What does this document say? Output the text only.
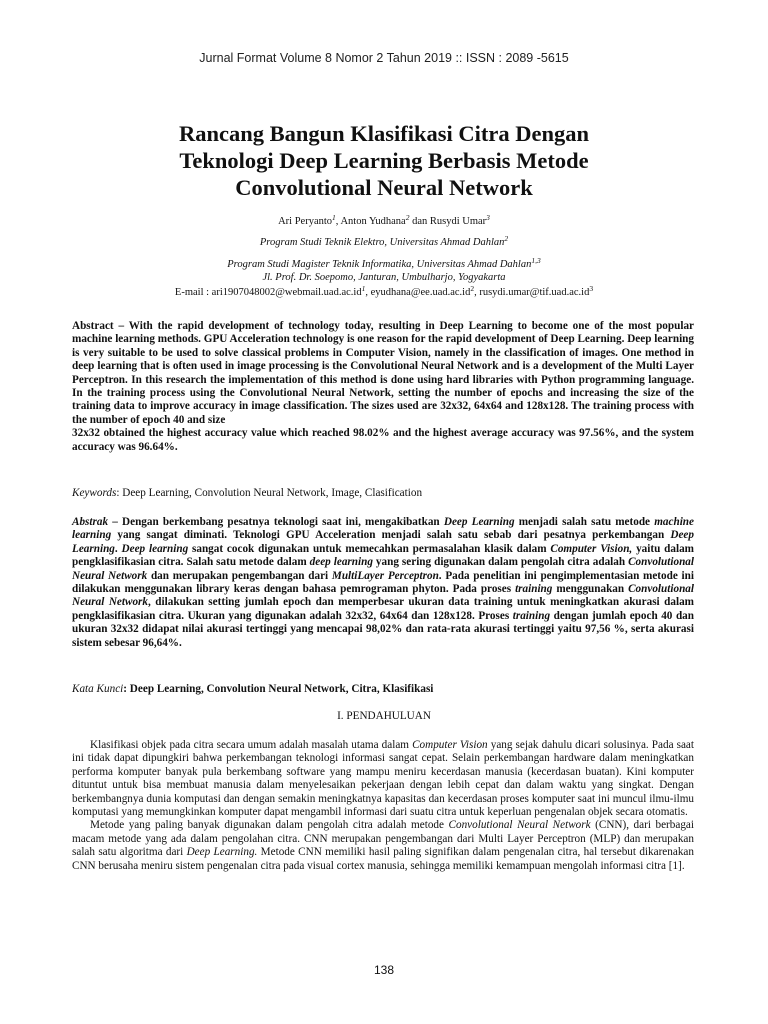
Jurnal Format Volume 8 Nomor 2 Tahun 2019 :: ISSN : 2089 -5615
Rancang Bangun Klasifikasi Citra Dengan
Teknologi Deep Learning Berbasis Metode
Convolutional Neural Network
Ari Peryanto$^1$, Anton Yudhana$^2$ dan Rusydi Umar$^3$
Program Studi Teknik Elektro, Universitas Ahmad Dahlan$^2$
Program Studi Magister Teknik Informatika, Universitas Ahmad Dahlan$^{1,3}$
Jl. Prof. Dr. Soepomo, Janturan, Umbulharjo, Yogyakarta
E-mail : $ari1907048002@webmail.uad.ac.id^1$, $eyudhana@ee.uad.ac.id^2$, $rusydi.umar@tif.uad.ac.id^3$
Abstract – With the rapid development of technology today, resulting in Deep Learning to become one of the most popular machine learning methods. GPU Acceleration technology is one reason for the rapid development of Deep Learning. Deep learning is very suitable to be used to solve classical problems in Computer Vision, namely in the classification of images. One method in deep learning that is often used in image processing is the Convolutional Neural Network and is a development of the Multi Layer Perceptron. In this research the implementation of this method is done using hard libraries with Python programming language. In the training process using the Convolutional Neural Network, setting the number of epochs and increasing the size of the training data to improve accuracy in image classification. The sizes used are 32x32, 64x64 and 128x128. The training process with the number of epoch 40 and size
32x32 obtained the highest accuracy value which reached 98.02% and the highest average accuracy was 97.56%, and the system accuracy was 96.64%.
Keywords: Deep Learning, Convolution Neural Network, Image, Clasification
Abstrak – Dengan berkembang pesatnya teknologi saat ini, mengakibatkan Deep Learning menjadi salah satu metode machine learning yang sangat diminati. Teknologi GPU Acceleration menjadi salah satu sebab dari pesatnya perkembangan Deep Learning. Deep learning sangat cocok digunakan untuk memecahkan permasalahan klasik dalam Computer Vision, yaitu dalam pengklasifikasian citra. Salah satu metode dalam deep learning yang sering digunakan dalam pengolah citra adalah Convolutional Neural Network dan merupakan pengembangan dari MultiLayer Perceptron. Pada penelitian ini pengimplementasian metode ini dilakukan menggunakan library keras dengan bahasa pemrograman phyton. Pada proses training menggunakan Convolutional Neural Network, dilakukan setting jumlah epoch dan memperbesar ukuran data training untuk meningkatkan akurasi dalam pengklasifikasian citra. Ukuran yang digunakan adalah 32x32, 64x64 dan 128x128. Proses training dengan jumlah epoch 40 dan ukuran 32x32 didapat nilai akurasi tertinggi yang mencapai 98,02% dan rata-rata akurasi tertinggi yaitu 97,56 %, serta akurasi sistem sebesar 96,64%.
Kata Kunci: Deep Learning, Convolution Neural Network, Citra, Klasifikasi
I. PENDAHULUAN

Klasifikasi objek pada citra secara umum adalah masalah utama dalam Computer Vision yang sejak dahulu dicari solusinya. Pada saat ini tidak dapat dipungkiri bahwa perkembangan teknologi informasi sangat cepat. Selain perkembangan hardware dalam meningkatkan performa komputer banyak pula berkembang software yang mampu meniru kecerdasan manusia (kecerdasan buatan). Kini komputer dituntut untuk bisa membuat manusia dalam menyelesaikan pekerjaan dengan lebih cepat dan dalam waktu yang singkat. Dengan berkembangnya dunia komputasi dan dengan semakin meningkatnya kapasitas dan kecerdasan proses komputer saat ini muncul ilmu-ilmu komputasi yang memungkinkan komputer dapat mengambil informasi dari suatu citra untuk keperluan pengenalan objek secara otomatis.

Metode yang paling banyak digunakan dalam pengolah citra adalah metode Convolutional Neural Network (CNN), dari berbagai macam metode yang ada dalam pengolahan citra. CNN merupakan pengembangan dari Multi Layer Perceptron (MLP) dan merupakan salah satu algoritma dari Deep Learning. Metode CNN memiliki hasil paling signifikan dalam pengenalan citra, hal tersebut dikarenakan CNN berusaha meniru sistem pengenalan citra pada visual cortex manusia, sehingga memiliki kemampuan mengolah informasi citra [1].

138
